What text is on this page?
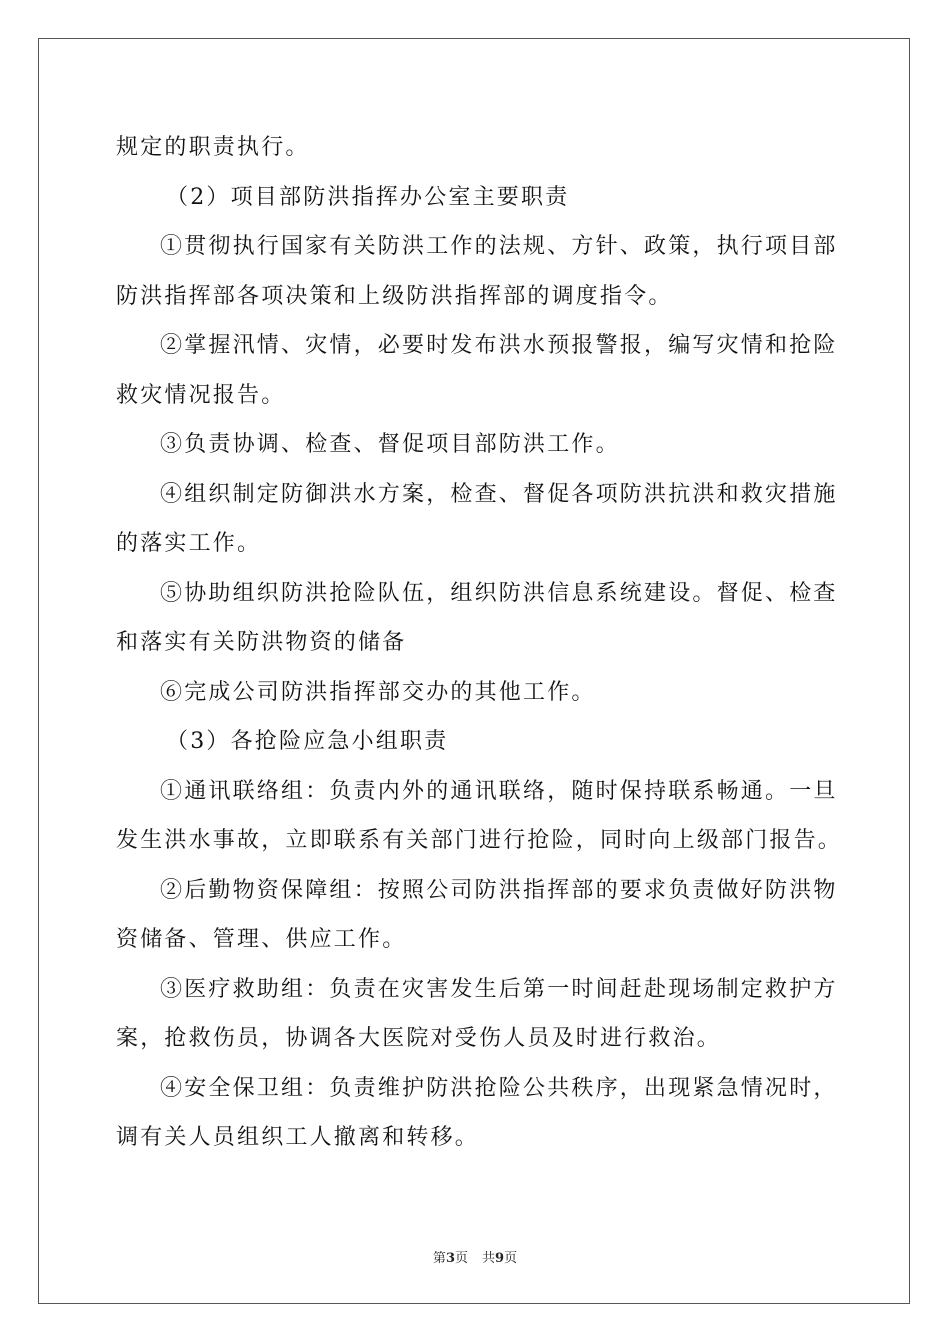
规定的职责执行。
（2）项目部防洪指挥办公室主要职责
①贯彻执行国家有关防洪工作的法规、方针、政策，执行项目部
防洪指挥部各项决策和上级防洪指挥部的调度指令。
②掌握汛情、灾情，必要时发布洪水预报警报，编写灾情和抢险
救灾情况报告。
③负责协调、检查、督促项目部防洪工作。
④组织制定防御洪水方案，检查、督促各项防洪抗洪和救灾措施
的落实工作。
⑤协助组织防洪抢险队伍，组织防洪信息系统建设。督促、检查
和落实有关防洪物资的储备
⑥完成公司防洪指挥部交办的其他工作。
（3）各抢险应急小组职责
①通讯联络组：负责内外的通讯联络，随时保持联系畅通。一旦
发生洪水事故，立即联系有关部门进行抢险，同时向上级部门报告。
②后勤物资保障组：按照公司防洪指挥部的要求负责做好防洪物
资储备、管理、供应工作。
③医疗救助组：负责在灾害发生后第一时间赶赴现场制定救护方
案，抢救伤员，协调各大医院对受伤人员及时进行救治。
④安全保卫组：负责维护防洪抢险公共秩序，出现紧急情况时，
调有关人员组织工人撤离和转移。
第3页 共9页
